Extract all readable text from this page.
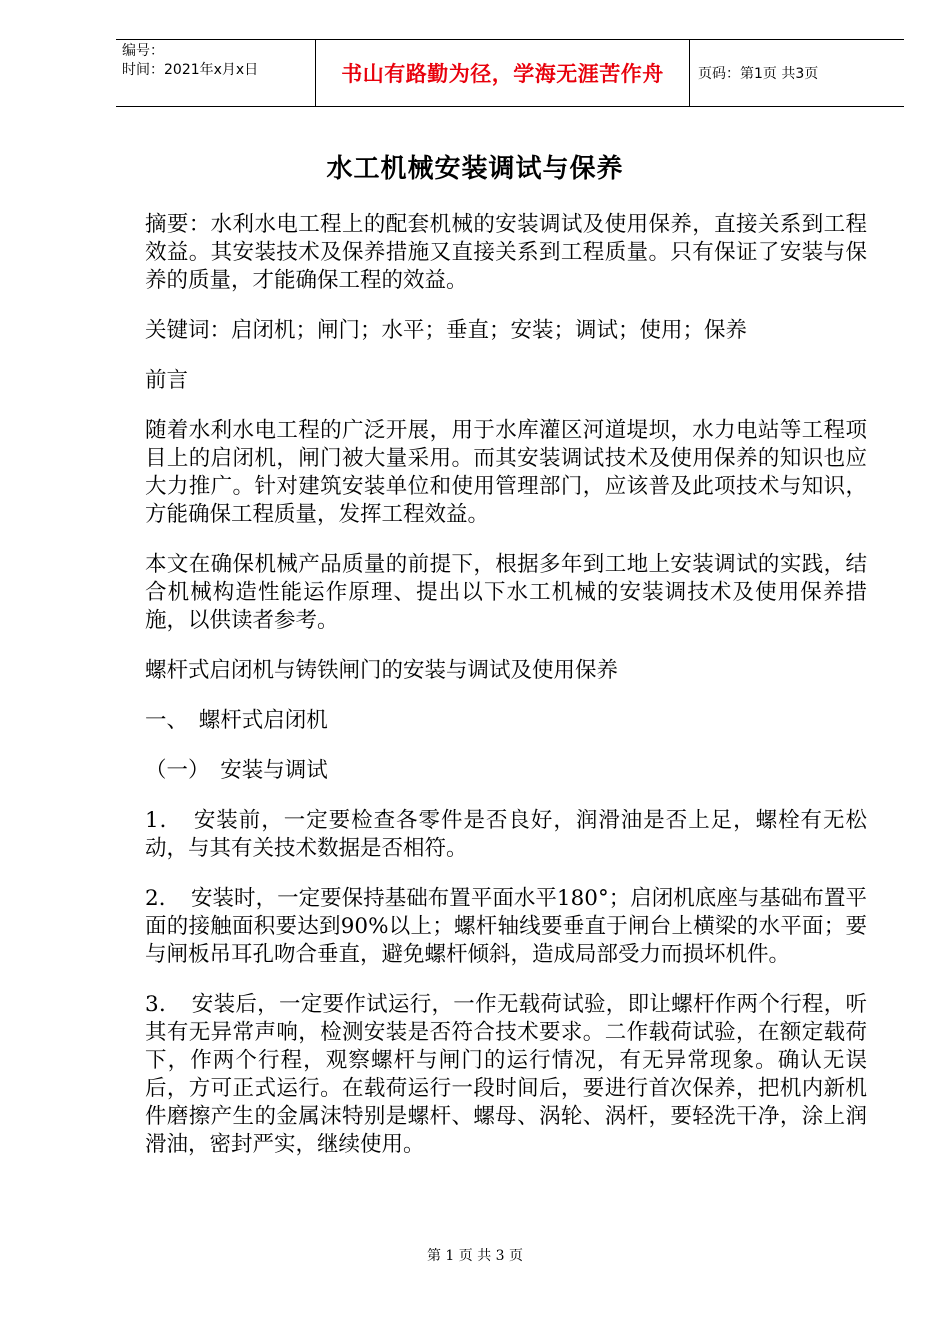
编号：
时间：2021年x月x日	书山有路勤为径，学海无涯苦作舟	页码：第1页 共3页
水工机械安装调试与保养

摘要：水利水电工程上的配套机械的安装调试及使用保养，直接关系到工程效益。其安装技术及保养措施又直接关系到工程质量。只有保证了安装与保养的质量，才能确保工程的效益。

关键词：启闭机；闸门；水平；垂直；安装；调试；使用；保养

前言

随着水利水电工程的广泛开展，用于水库灌区河道堤坝，水力电站等工程项目上的启闭机，闸门被大量采用。而其安装调试技术及使用保养的知识也应大力推广。针对建筑安装单位和使用管理部门，应该普及此项技术与知识，方能确保工程质量，发挥工程效益。

本文在确保机械产品质量的前提下，根据多年到工地上安装调试的实践，结合机械构造性能运作原理、提出以下水工机械的安装调技术及使用保养措施，以供读者参考。

螺杆式启闭机与铸铁闸门的安装与调试及使用保养

一、　螺杆式启闭机

（一）　安装与调试

1．　安装前，一定要检查各零件是否良好，润滑油是否上足，螺栓有无松动，与其有关技术数据是否相符。

2．　安装时，一定要保持基础布置平面水平180°；启闭机底座与基础布置平面的接触面积要达到90%以上；螺杆轴线要垂直于闸台上横梁的水平面；要与闸板吊耳孔吻合垂直，避免螺杆倾斜，造成局部受力而损坏机件。

3．　安装后，一定要作试运行，一作无载荷试验，即让螺杆作两个行程，听其有无异常声响，检测安装是否符合技术要求。二作载荷试验，在额定载荷下，作两个行程，观察螺杆与闸门的运行情况，有无异常现象。确认无误后，方可正式运行。在载荷运行一段时间后，要进行首次保养，把机内新机件磨擦产生的金属沫特别是螺杆、螺母、涡轮、涡杆，要轻洗干净，涂上润滑油，密封严实，继续使用。

第 1 页 共 3 页
